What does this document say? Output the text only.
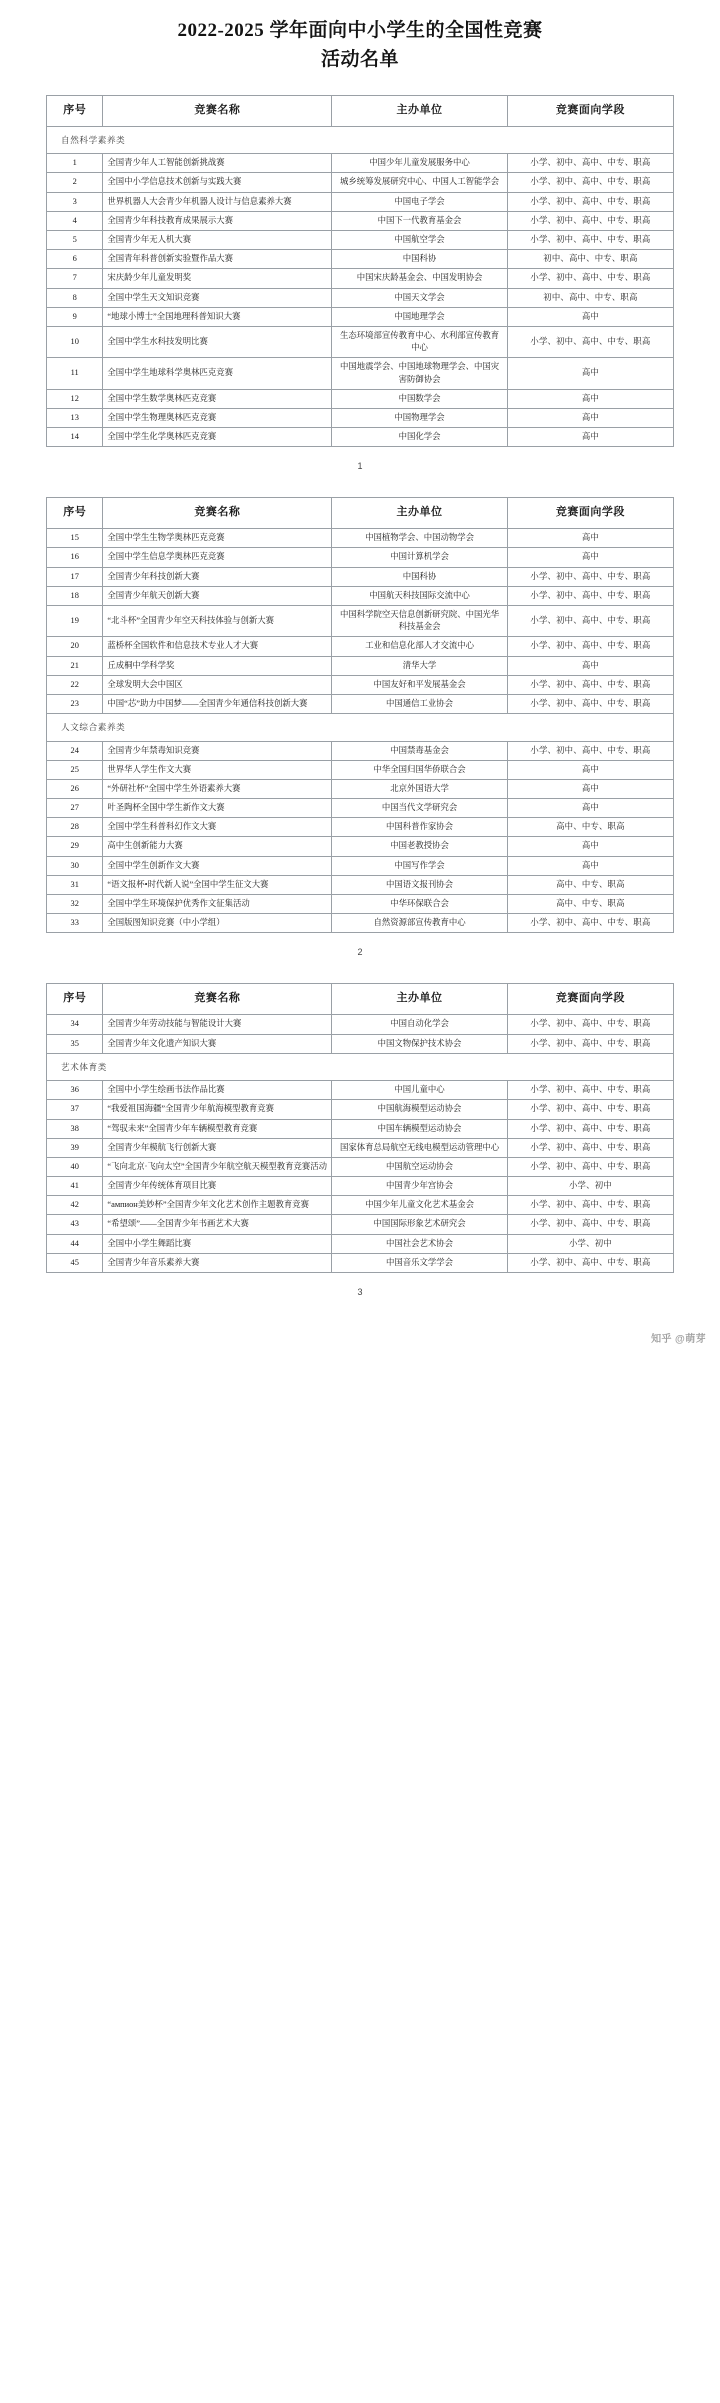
2022-2025 学年面向中小学生的全国性竞赛
活动名单
序号	竞赛名称	主办单位	竞赛面向学段
自然科学素养类			
1	全国青少年人工智能创新挑战赛	中国少年儿童发展服务中心	小学、初中、高中、中专、职高
2	全国中小学信息技术创新与实践大赛	城乡统筹发展研究中心、中国人工智能学会	小学、初中、高中、中专、职高
3	世界机器人大会青少年机器人设计与信息素养大赛	中国电子学会	小学、初中、高中、中专、职高
4	全国青少年科技教育成果展示大赛	中国下一代教育基金会	小学、初中、高中、中专、职高
5	全国青少年无人机大赛	中国航空学会	小学、初中、高中、中专、职高
6	全国青年科普创新实验暨作品大赛	中国科协	初中、高中、中专、职高
7	宋庆龄少年儿童发明奖	中国宋庆龄基金会、中国发明协会	小学、初中、高中、中专、职高
8	全国中学生天文知识竞赛	中国天文学会	初中、高中、中专、职高
9	“地球小博士”全国地理科普知识大赛	中国地理学会	高中
10	全国中学生水科技发明比赛	生态环境部宣传教育中心、水利部宣传教育中心	小学、初中、高中、中专、职高
11	全国中学生地球科学奥林匹克竞赛	中国地震学会、中国地球物理学会、中国灾害防御协会	高中
12	全国中学生数学奥林匹克竞赛	中国数学会	高中
13	全国中学生物理奥林匹克竞赛	中国物理学会	高中
14	全国中学生化学奥林匹克竞赛	中国化学会	高中
1
序号	竞赛名称	主办单位	竞赛面向学段
15	全国中学生生物学奥林匹克竞赛	中国植物学会、中国动物学会	高中
16	全国中学生信息学奥林匹克竞赛	中国计算机学会	高中
17	全国青少年科技创新大赛	中国科协	小学、初中、高中、中专、职高
18	全国青少年航天创新大赛	中国航天科技国际交流中心	小学、初中、高中、中专、职高
19	“北斗杯”全国青少年空天科技体验与创新大赛	中国科学院空天信息创新研究院、中国光华科技基金会	小学、初中、高中、中专、职高
20	蓝桥杯全国软件和信息技术专业人才大赛	工业和信息化部人才交流中心	小学、初中、高中、中专、职高
21	丘成桐中学科学奖	清华大学	高中
22	全球发明大会中国区	中国友好和平发展基金会	小学、初中、高中、中专、职高
23	中国“芯”助力中国梦——全国青少年通信科技创新大赛	中国通信工业协会	小学、初中、高中、中专、职高
人文综合素养类			
24	全国青少年禁毒知识竞赛	中国禁毒基金会	小学、初中、高中、中专、职高
25	世界华人学生作文大赛	中华全国归国华侨联合会	高中
26	“外研社杯”全国中学生外语素养大赛	北京外国语大学	高中
27	叶圣陶杯全国中学生新作文大赛	中国当代文学研究会	高中
28	全国中学生科普科幻作文大赛	中国科普作家协会	高中、中专、职高
29	高中生创新能力大赛	中国老教授协会	高中
30	全国中学生创新作文大赛	中国写作学会	高中
31	“语文报杯•时代新人说”全国中学生征文大赛	中国语文报刊协会	高中、中专、职高
32	全国中学生环境保护优秀作文征集活动	中华环保联合会	高中、中专、职高
33	全国版图知识竞赛（中小学组）	自然资源部宣传教育中心	小学、初中、高中、中专、职高
2
序号	竞赛名称	主办单位	竞赛面向学段
34	全国青少年劳动技能与智能设计大赛	中国自动化学会	小学、初中、高中、中专、职高
35	全国青少年文化遗产知识大赛	中国文物保护技术协会	小学、初中、高中、中专、职高
艺术体育类			
36	全国中小学生绘画书法作品比赛	中国儿童中心	小学、初中、高中、中专、职高
37	“我爱祖国海疆”全国青少年航海模型教育竞赛	中国航海模型运动协会	小学、初中、高中、中专、职高
38	“驾驭未来”全国青少年车辆模型教育竞赛	中国车辆模型运动协会	小学、初中、高中、中专、职高
39	全国青少年模航飞行创新大赛	国家体育总局航空无线电模型运动管理中心	小学、初中、高中、中专、职高
40	“飞向北京·飞向太空”全国青少年航空航天模型教育竞赛活动	中国航空运动协会	小学、初中、高中、中专、职高
41	全国青少年传统体育项目比赛	中国青少年宫协会	小学、初中
42	“ампион美妙杯”全国青少年文化艺术创作主题教育竞赛	中国少年儿童文化艺术基金会	小学、初中、高中、中专、职高
43	“希望颂”——全国青少年书画艺术大赛	中国国际形象艺术研究会	小学、初中、高中、中专、职高
44	全国中小学生舞蹈比赛	中国社会艺术协会	小学、初中
45	全国青少年音乐素养大赛	中国音乐文学学会	小学、初中、高中、中专、职高
3
知乎 @萌芽
